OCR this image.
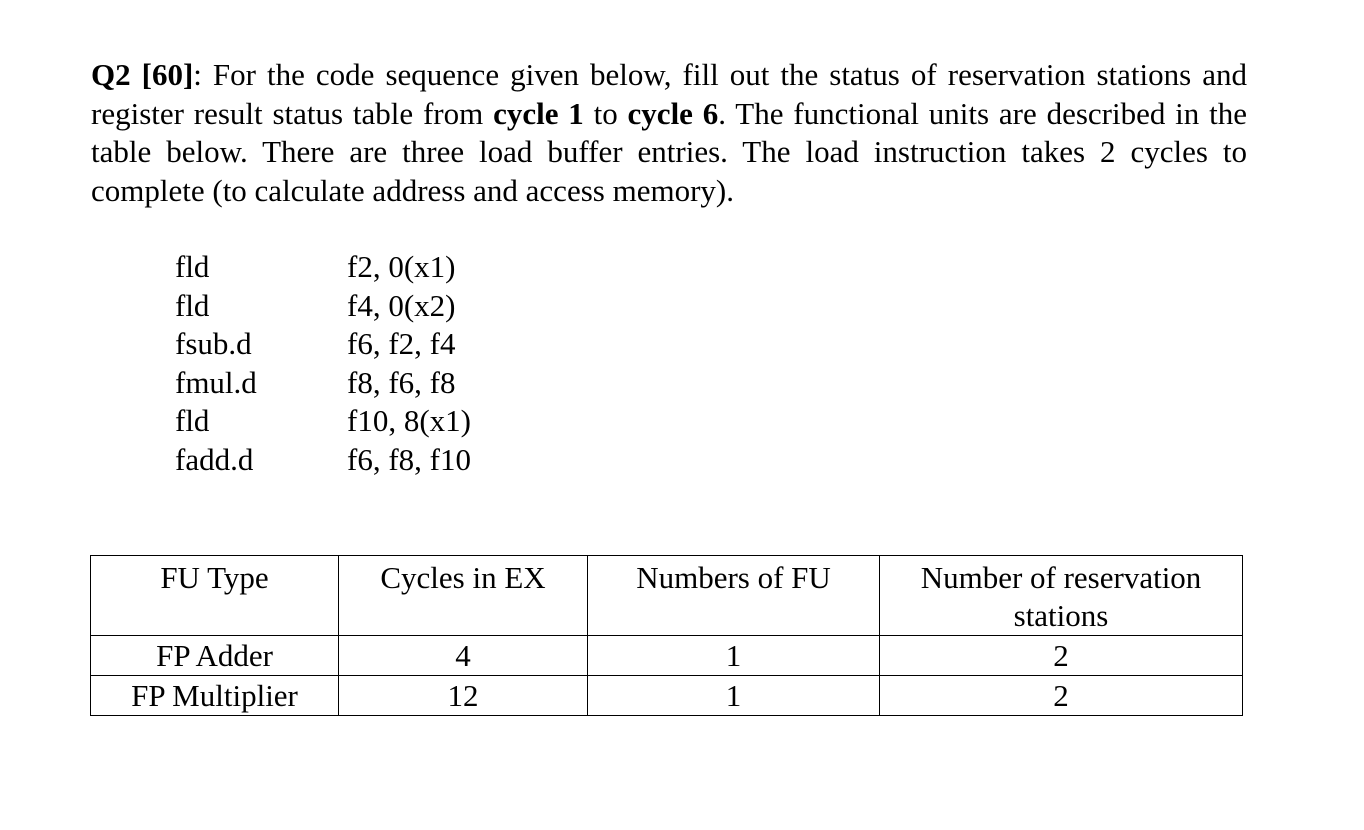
Q2 [60]: For the code sequence given below, fill out the status of reservation stations and register result status table from cycle 1 to cycle 6. The functional units are described in the table below. There are three load buffer entries. The load instruction takes 2 cycles to complete (to calculate address and access memory).

fld	f2, 0(x1)
fld	f4, 0(x2)
fsub.d	f6, f2, f4
fmul.d	f8, f6, f8
fld	f10, 8(x1)
fadd.d	f6, f8, f10
FU Type	Cycles in EX	Numbers of FU	Number of reservation stations
FP Adder	4	1	2
FP Multiplier	12	1	2
